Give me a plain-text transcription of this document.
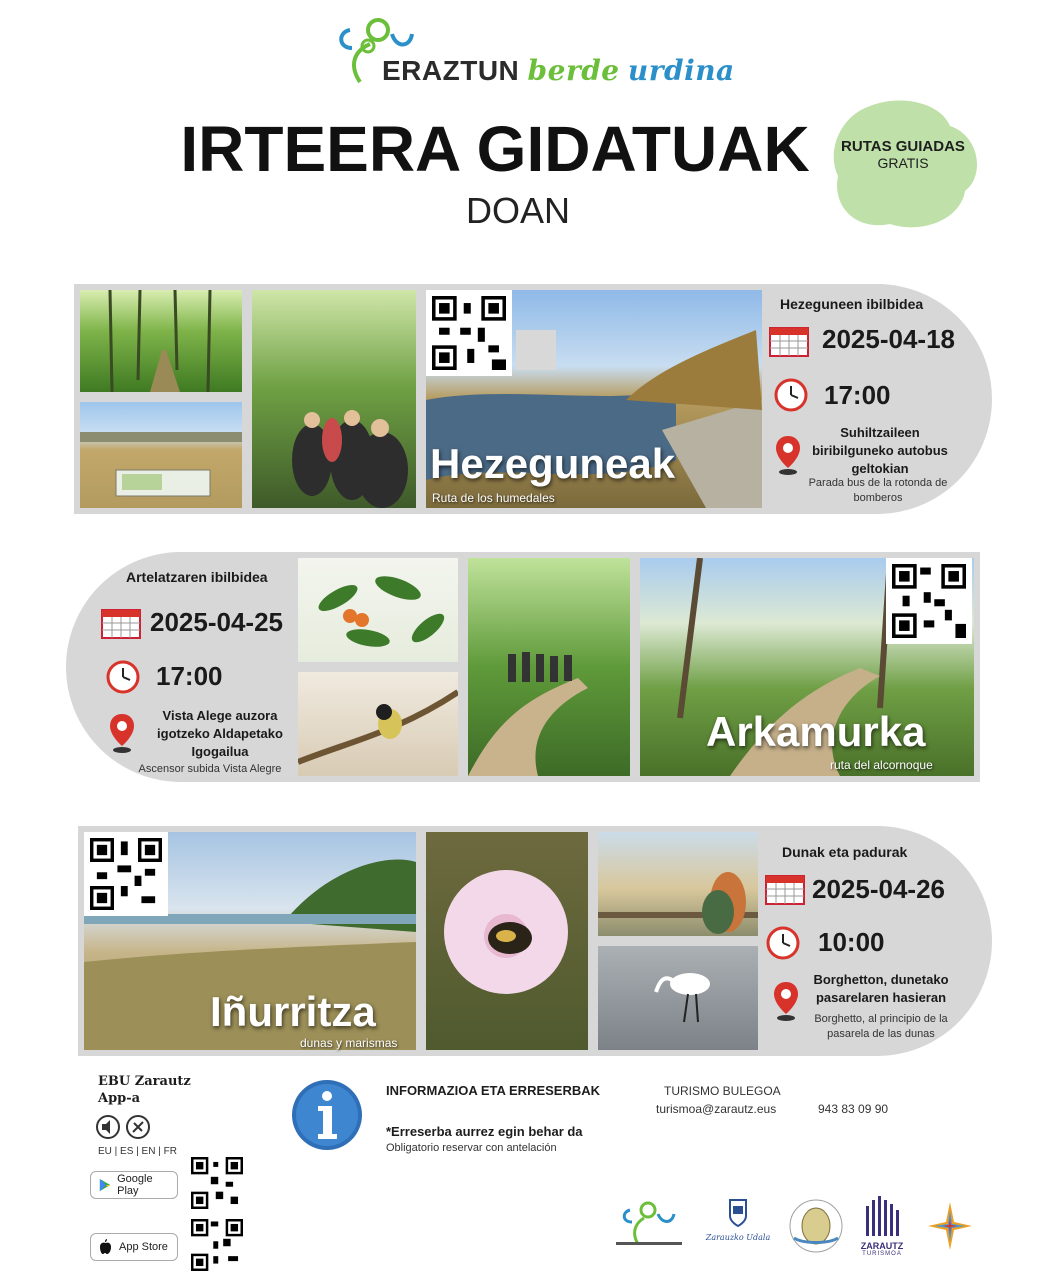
ERAZTUN berde urdina
IRTEERA GIDATUAK
DOAN
RUTAS GUIADAS
GRATIS
Hezeguneak
Ruta de los humedales
Hezeguneen ibilbidea
2025-04-18
17:00
Suhiltzaileen biribilguneko autobus geltokian
Parada bus de la rotonda de bomberos
Artelatzaren ibilbidea
2025-04-25
17:00
Vista Alege auzora igotzeko Aldapetako Igogailua
Ascensor subida Vista Alegre
Arkamurka
ruta del alcornoque
Iñurritza
dunas y marismas
Dunak eta padurak
2025-04-26
10:00
Borghetton, dunetako pasarelaren hasieran
Borghetto, al principio de la pasarela de las dunas
EBU Zarautz
App-a
EU | ES | EN | FR
Google Play
App Store
INFORMAZIOA ETA ERRESERBAK
*Erreserba aurrez egin behar da
Obligatorio reservar con antelación
TURISMO BULEGOA
turismoa@zarautz.eus	943 83 09 90
Zarauzko Udala
ZARAUTZ
TURISMOA
